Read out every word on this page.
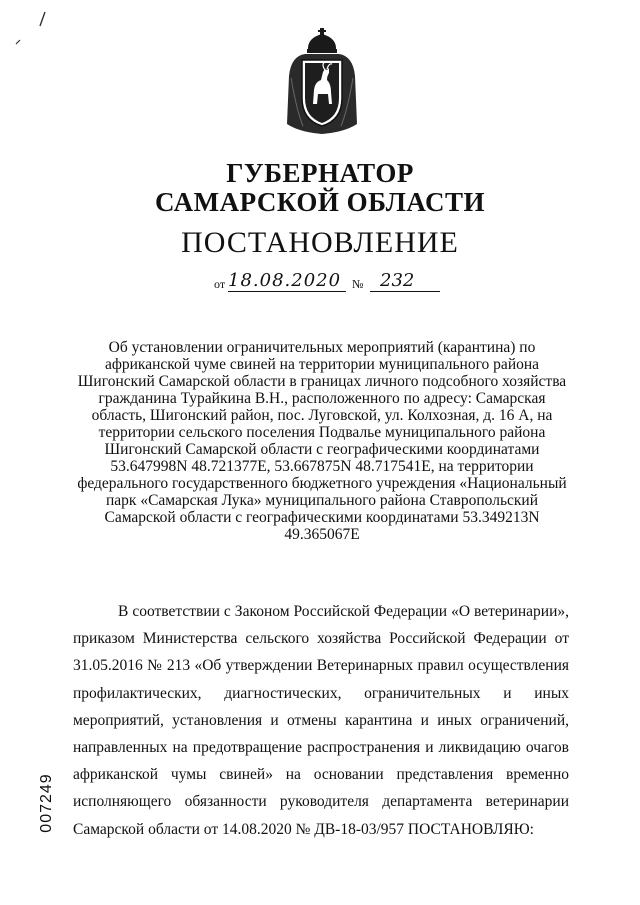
ГУБЕРНАТОР
САМАРСКОЙ ОБЛАСТИ
ПОСТАНОВЛЕНИЕ
от 18.08.2020 № 232
Об установлении ограничительных мероприятий (карантина) по африканской чуме свиней на территории муниципального района Шигонский Самарской области в границах личного подсобного хозяйства гражданина Турайкина В.Н., расположенного по адресу: Самарская область, Шигонский район, пос. Луговской, ул. Колхозная, д. 16 А, на территории сельского поселения Подвалье муниципального района Шигонский Самарской области с географическими координатами 53.647998N 48.721377E, 53.667875N 48.717541E, на территории федерального государственного бюджетного учреждения «Национальный парк «Самарская Лука» муниципального района Ставропольский Самарской области с географическими координатами 53.349213N 49.365067E
В соответствии с Законом Российской Федерации «О ветеринарии», приказом Министерства сельского хозяйства Российской Федерации от 31.05.2016 № 213 «Об утверждении Ветеринарных правил осуществления профилактических, диагностических, ограничительных и иных мероприятий, установления и отмены карантина и иных ограничений, направленных на предотвращение распространения и ликвидацию очагов африканской чумы свиней» на основании представления временно исполняющего обязанности руководителя департамента ветеринарии Самарской области от 14.08.2020 № ДВ-18-03/957 ПОСТАНОВЛЯЮ:
007249
